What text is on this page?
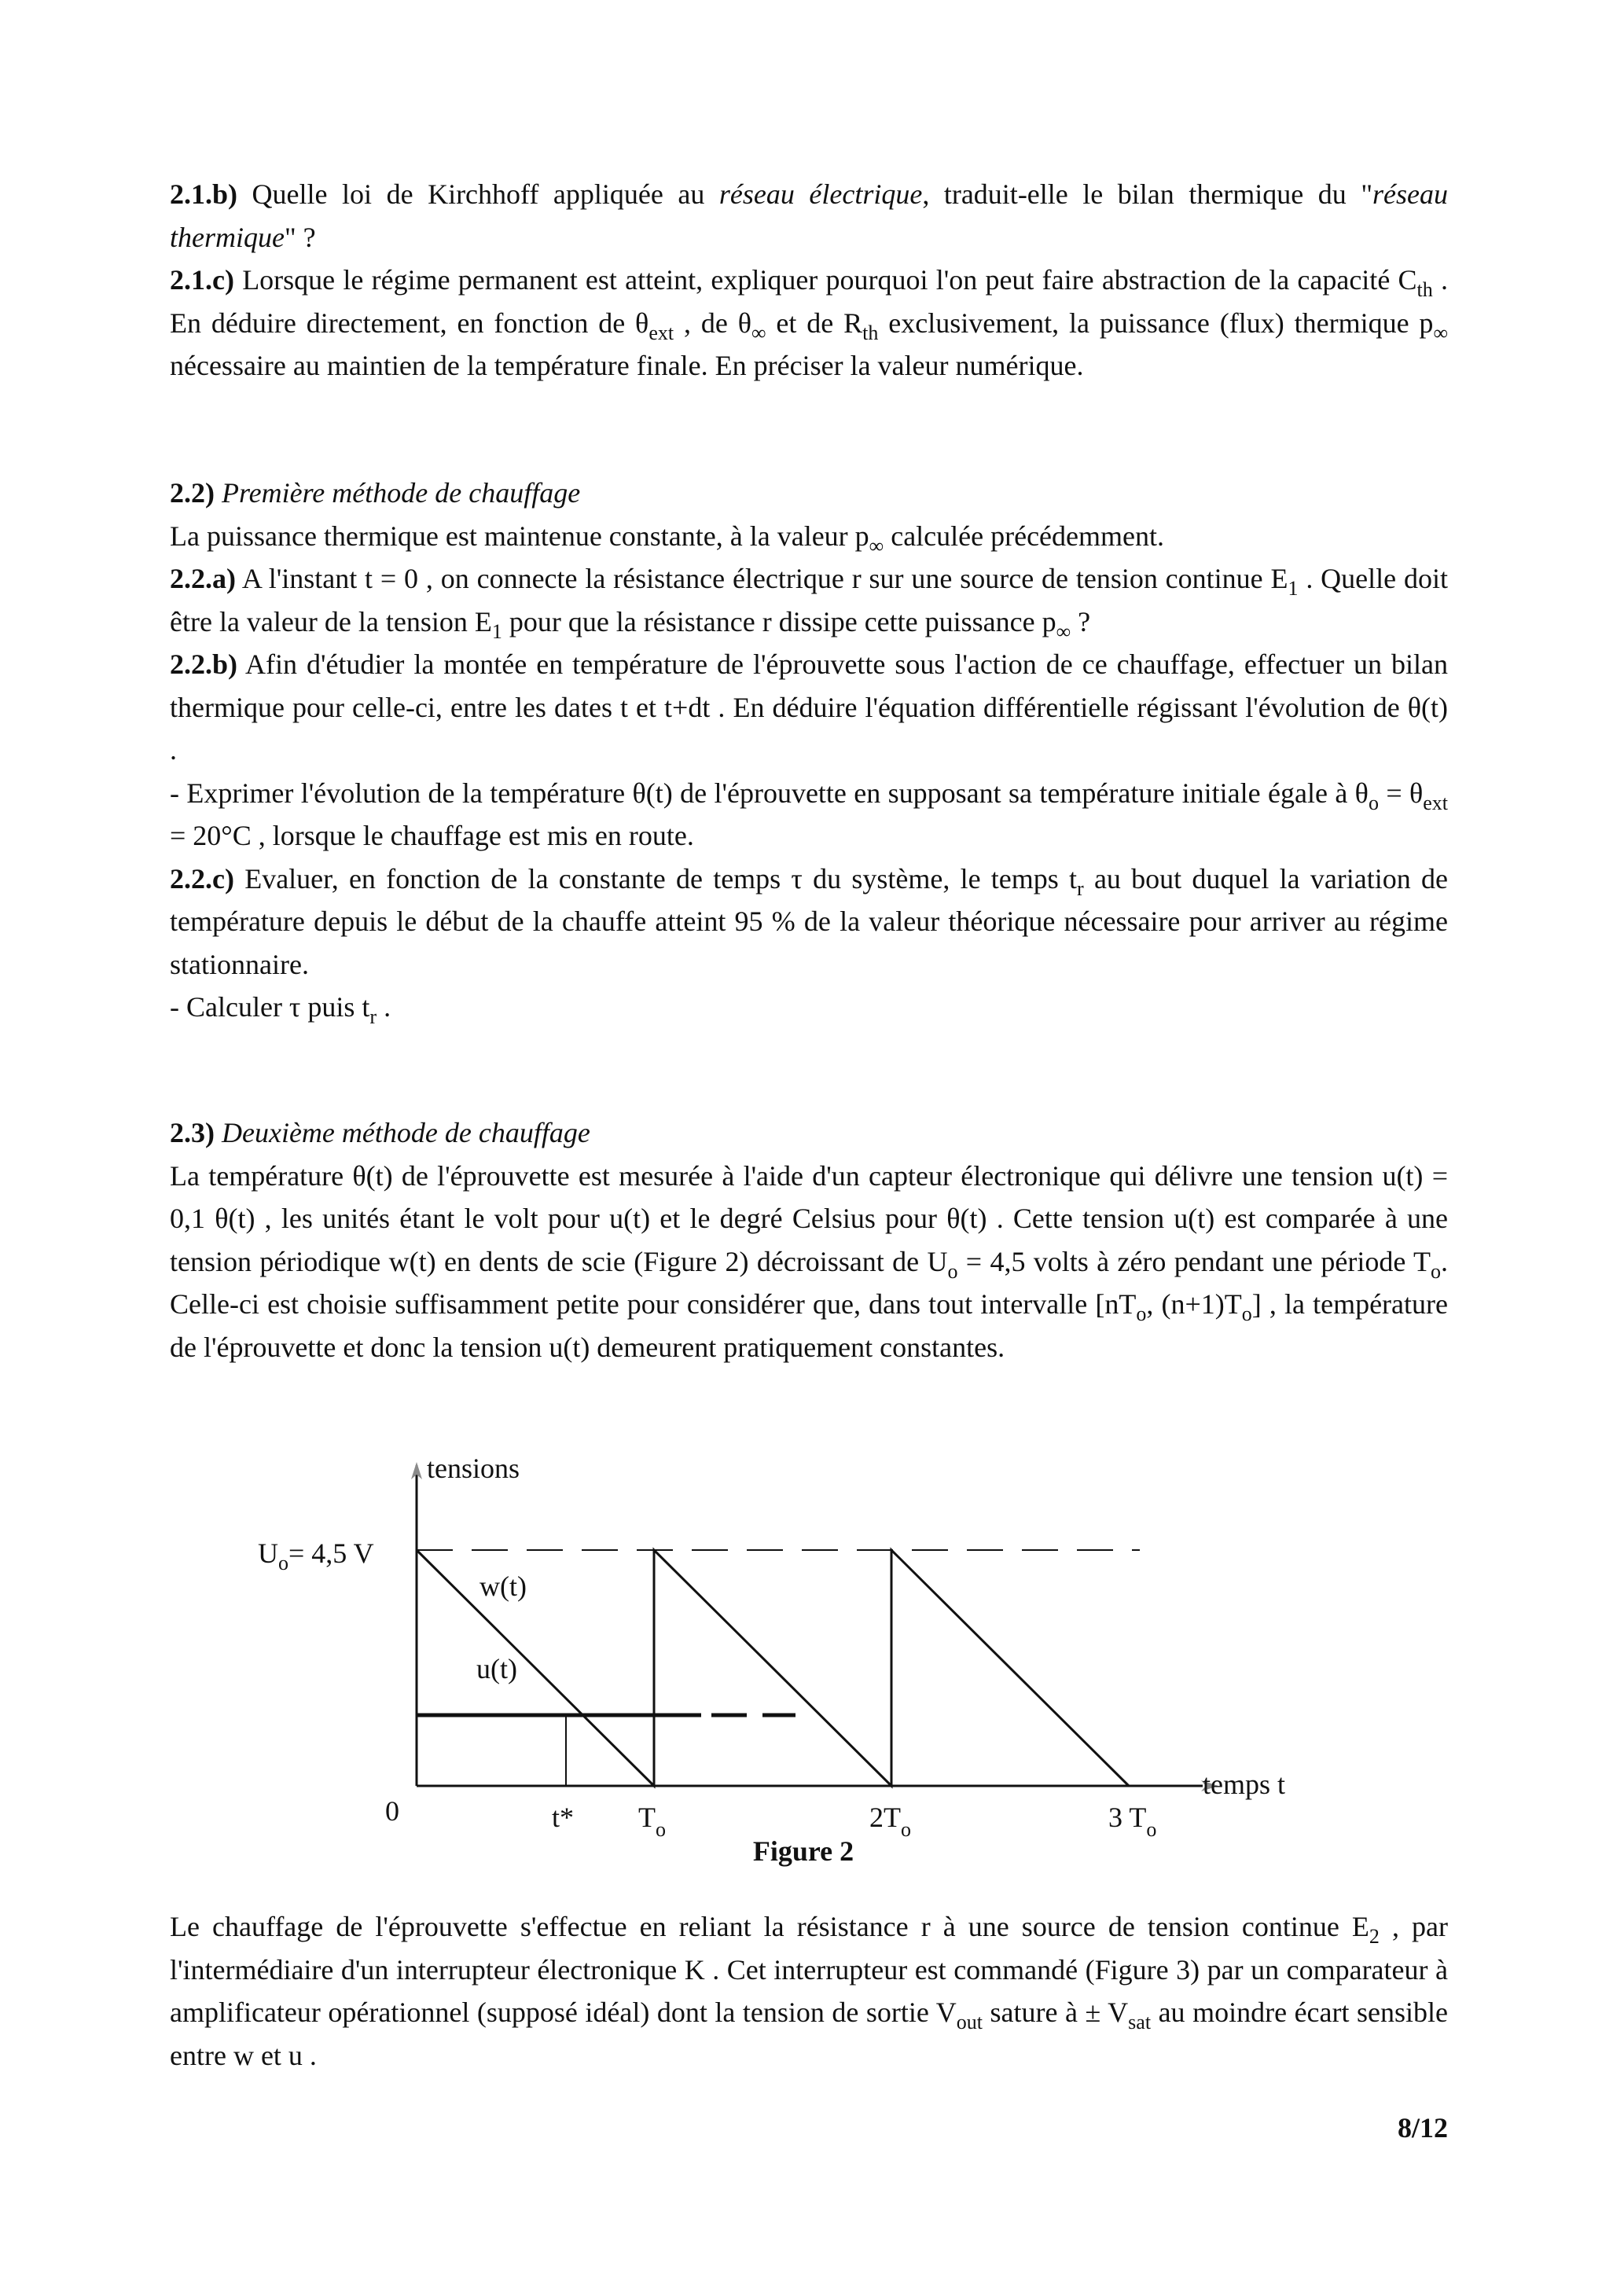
2.1.b) Quelle loi de Kirchhoff appliquée au réseau électrique, traduit-elle le bilan thermique du "réseau thermique" ?

2.1.c) Lorsque le régime permanent est atteint, expliquer pourquoi l'on peut faire abstraction de la capacité $C_{th}$ . En déduire directement, en fonction de $\theta_{ext}$ , de $\theta_\infty$ et de $R_{th}$ exclusivement, la puissance (flux) thermique $p_\infty$ nécessaire au maintien de la température finale. En préciser la valeur numérique.

2.2) Première méthode de chauffage

La puissance thermique est maintenue constante, à la valeur $p_\infty$ calculée précédemment.

2.2.a) A l'instant t = 0 , on connecte la résistance électrique r sur une source de tension continue $E_1$ . Quelle doit être la valeur de la tension $E_1$ pour que la résistance r dissipe cette puissance $p_\infty$ ?

2.2.b) Afin d'étudier la montée en température de l'éprouvette sous l'action de ce chauffage, effectuer un bilan thermique pour celle-ci, entre les dates t et t+dt . En déduire l'équation différentielle régissant l'évolution de θ(t) .

- Exprimer l'évolution de la température θ(t) de l'éprouvette en supposant sa température initiale égale à $\theta_o = \theta_{ext} = 20^\circ C$ , lorsque le chauffage est mis en route.

2.2.c) Evaluer, en fonction de la constante de temps τ du système, le temps $t_r$ au bout duquel la variation de température depuis le début de la chauffe atteint 95 % de la valeur théorique nécessaire pour arriver au régime stationnaire.

- Calculer τ puis $t_r$ .

2.3) Deuxième méthode de chauffage

La température θ(t) de l'éprouvette est mesurée à l'aide d'un capteur électronique qui délivre une tension u(t) = 0,1 θ(t) , les unités étant le volt pour u(t) et le degré Celsius pour θ(t) . Cette tension u(t) est comparée à une tension périodique w(t) en dents de scie (Figure 2) décroissant de $U_o = 4,5$ volts à zéro pendant une période $T_o$. Celle-ci est choisie suffisamment petite pour considérer que, dans tout intervalle [$nT_o$, $(n+1)T_o$] , la température de l'éprouvette et donc la tension u(t) demeurent pratiquement constantes.

tensions
temps t
$U_o= 4,5$ V
w(t)
u(t)
0	t* $T_o$	$2T_o$	3 $T_o$
Figure 2

Le chauffage de l'éprouvette s'effectue en reliant la résistance r à une source de tension continue $E_2$ , par l'intermédiaire d'un interrupteur électronique K . Cet interrupteur est commandé (Figure 3) par un comparateur à amplificateur opérationnel (supposé idéal) dont la tension de sortie $V_{out}$ sature à ± $V_{sat}$ au moindre écart sensible entre w et u .

8/12
